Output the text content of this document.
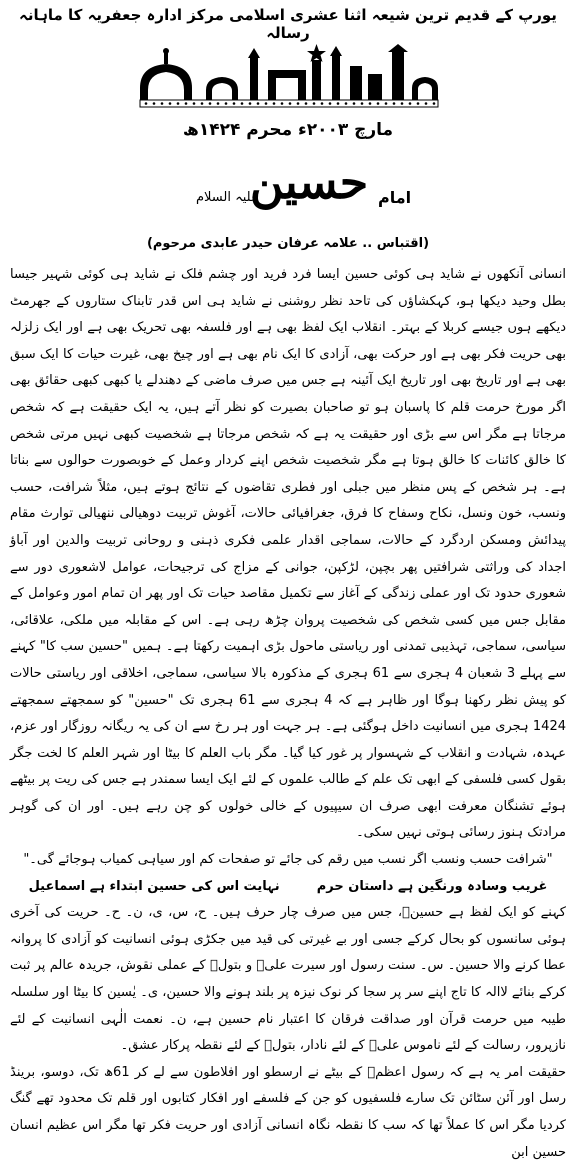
یورپ کے قدیم ترین شیعہ اثنا عشری اسلامی مرکز ادارہ جعفریہ کا ماہانہ رسالہ
مارچ ۲۰۰۳ء محرم ۱۴۲۴ھ
امام
حسین
علیہ السلام
(اقتباس .. علامہ عرفان حیدر عابدی مرحوم)

انسانی آنکھوں نے شاید ہی کوئی حسین ایسا فرد فرید اور چشم فلک نے شاید ہی کوئی شہیر جیسا بطل وحید دیکھا ہو، کہکشاؤں کی تاحد نظر روشنی نے شاید ہی اس قدر تابناک ستاروں کے جھرمٹ دیکھے ہوں جیسے کربلا کے بہتر۔ انقلاب ایک لفظ بھی ہے اور فلسفہ بھی تحریک بھی ہے اور ایک زلزلہ بھی حریت فکر بھی ہے اور حرکت بھی، آزادی کا ایک نام بھی ہے اور چیخ بھی، غیرت حیات کا ایک سبق بھی ہے اور تاریخ بھی اور تاریخ ایک آئینہ ہے جس میں صرف ماضی کے دھندلے یا کبھی کبھی حقائق بھی اگر مورخ حرمت قلم کا پاسبان ہو تو صاحبان بصیرت کو نظر آتے ہیں، یہ ایک حقیقت ہے کہ شخص مرجاتا ہے مگر اس سے بڑی اور حقیقت یہ ہے کہ شخص مرجاتا ہے شخصیت کبھی نہیں مرتی شخص کا خالق کائنات کا خالق ہوتا ہے مگر شخصیت شخص اپنے کردار وعمل کے خوبصورت حوالوں سے بناتا ہے۔ ہر شخص کے پس منظر میں جبلی اور فطری تقاضوں کے نتائج ہوتے ہیں، مثلاً شرافت، حسب ونسب، خون ونسل، نکاح وسفاح کا فرق، جغرافیائی حالات، آغوش تربیت دوھیالی ننھیالی توارث مقام پیدائش ومسکن اردگرد کے حالات، سماجی اقدار علمی فکری ذہنی و روحانی تربیت والدین اور آباؤ اجداد کی وراثتی شرافتیں پھر بچپن، لڑکپن، جوانی کے مزاج کی ترجیحات، عوامل لاشعوری دور سے شعوری حدود تک اور عملی زندگی کے آغاز سے تکمیل مقاصد حیات تک اور پھر ان تمام امور وعوامل کے مقابل جس میں کسی شخص کی شخصیت پروان چڑھ رہی ہے۔ اس کے مقابلہ میں ملکی، علاقائی، سیاسی، سماجی، تہذیبی تمدنی اور ریاستی ماحول بڑی اہمیت رکھتا ہے۔ ہمیں "حسین سب کا" کہنے سے پہلے 3 شعبان 4 ہجری سے 61 ہجری کے مذکورہ بالا سیاسی، سماجی، اخلاقی اور ریاستی حالات کو پیش نظر رکھنا ہوگا اور ظاہر ہے کہ 4 ہجری سے 61 ہجری تک "حسین" کو سمجھتے سمجھتے 1424 ہجری میں انسانیت داخل ہوگئی ہے۔ ہر جہت اور ہر رخ سے ان کی یہ ریگانہ روزگار اور عزم، عہدہ، شہادت و انقلاب کے شہسوار پر غور کیا گیا۔ مگر باب العلم کا بیٹا اور شہر العلم کا لخت جگر بقول کسی فلسفی کے ابھی تک علم کے طالب علموں کے لئے ایک ایسا سمندر ہے جس کی ریت پر بیٹھے ہوئے تشنگان معرفت ابھی صرف ان سیپیوں کے خالی خولوں کو چن رہے ہیں۔ اور ان کی گوہر مرادتک ہنوز رسائی ہوتی نہیں سکی۔

"شرافت حسب ونسب اگر نسب میں رقم کی جائے تو صفحات کم اور سیاہی کمیاب ہوجائے گی۔"

غریب وسادہ ورنگین ہے داستان حرم
نہایت اس کی حسین ابتداء ہے اسماعیل

کہنے کو ایک لفظ ہے حسینؑ، جس میں صرف چار حرف ہیں۔ ح، س، ی، ن۔ ح۔ حریت کی آخری ہوئی سانسوں کو بحال کرکے جسی اور بے غیرتی کی قید میں جکڑی ہوئی انسانیت کو آزادی کا پروانہ عطا کرنے والا حسین۔ س۔ سنت رسول اور سیرت علیؑ و بتولؑ کے عملی نقوش، جریدہ عالم پر ثبت کرکے بنائے لاالہ کا تاج اپنے سر پر سجا کر نوک نیزہ پر بلند ہونے والا حسین، ی۔ یٰسین کا بیٹا اور سلسلہ طیبہ میں حرمت قرآن اور صداقت فرقان کا اعتبار نام حسین ہے، ن۔ نعمت الٰہی انسانیت کے لئے نازپرور، رسالت کے لئے ناموس علیؑ کے لئے نادار، بتولؑ کے لئے نقطہ پرکار عشق۔

حقیقت امر یہ ہے کہ رسول اعظمؐ کے بیٹے نے ارسطو اور افلاطون سے لے کر 61ھ تک، دوسو، برینڈ رسل اور آئن سٹائن تک سارے فلسفیوں کو جن کے فلسفے اور افکار کتابوں اور قلم تک محدود تھے گنگ کردیا مگر اس کا عملاً تھا کہ سب کا نقطہ نگاہ انسانی آزادی اور حریت فکر تھا مگر اس عظیم انسان حسین ابن
